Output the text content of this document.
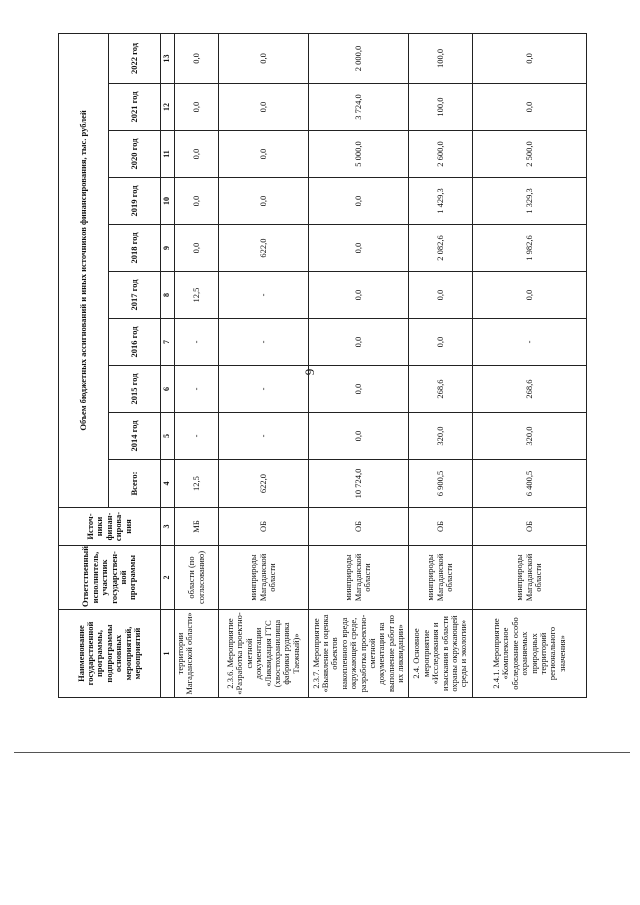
9
Наименование государственной программы, подпрограммы основных мероприятий, мероприятий	Ответственный исполнитель, участник государствен-ной программы	Источ-ники финан-сирова-ния	Объем бюджетных ассигнований и иных источников финансирования, тыс. рублей									
			Всего:	2014 год	2015 год	2016 год	2017 год	2018 год	2019 год	2020 год	2021 год	2022 год
1	2	3	4	5	6	7	8	9	10	11	12	13
территории Магаданской области»	области (по согласованию)	МБ	12,5	-	-	-	12,5	0,0	0,0	0,0	0,0	0,0
2.3.6. Мероприятие «Разработка проектно-сметной документации «Ликвидация ГТС (хвостохранилища фабрики рудника Таежный)»	минприроды Магаданской области	ОБ	622,0	-	-	-	-	622,0	0,0	0,0	0,0	0,0
2.3.7. Мероприятие «Выявление и оценка объектов накопленного вреда окружающей среде, разработка проектно-сметной документации на выполнение работ по их ликвидации»	минприроды Магаданской области	ОБ	10 724,0	0,0	0,0	0,0	0,0	0,0	0,0	5 000,0	3 724,0	2 000,0
2.4. Основное мероприятие «Исследования и изыскания в области охраны окружающей среды и экологии»	минприроды Магаданской области	ОБ	6 900,5	320,0	268,6	0,0	0,0	2 082,6	1 429,3	2 600,0	100,0	100,0
2.4.1. Мероприятие «Комплексное обследование особо охраняемых природных территорий регионального значения»	минприроды Магаданской области	ОБ	6 400,5	320,0	268,6	-	0,0	1 982,6	1 329,3	2 500,0	0,0	0,0
